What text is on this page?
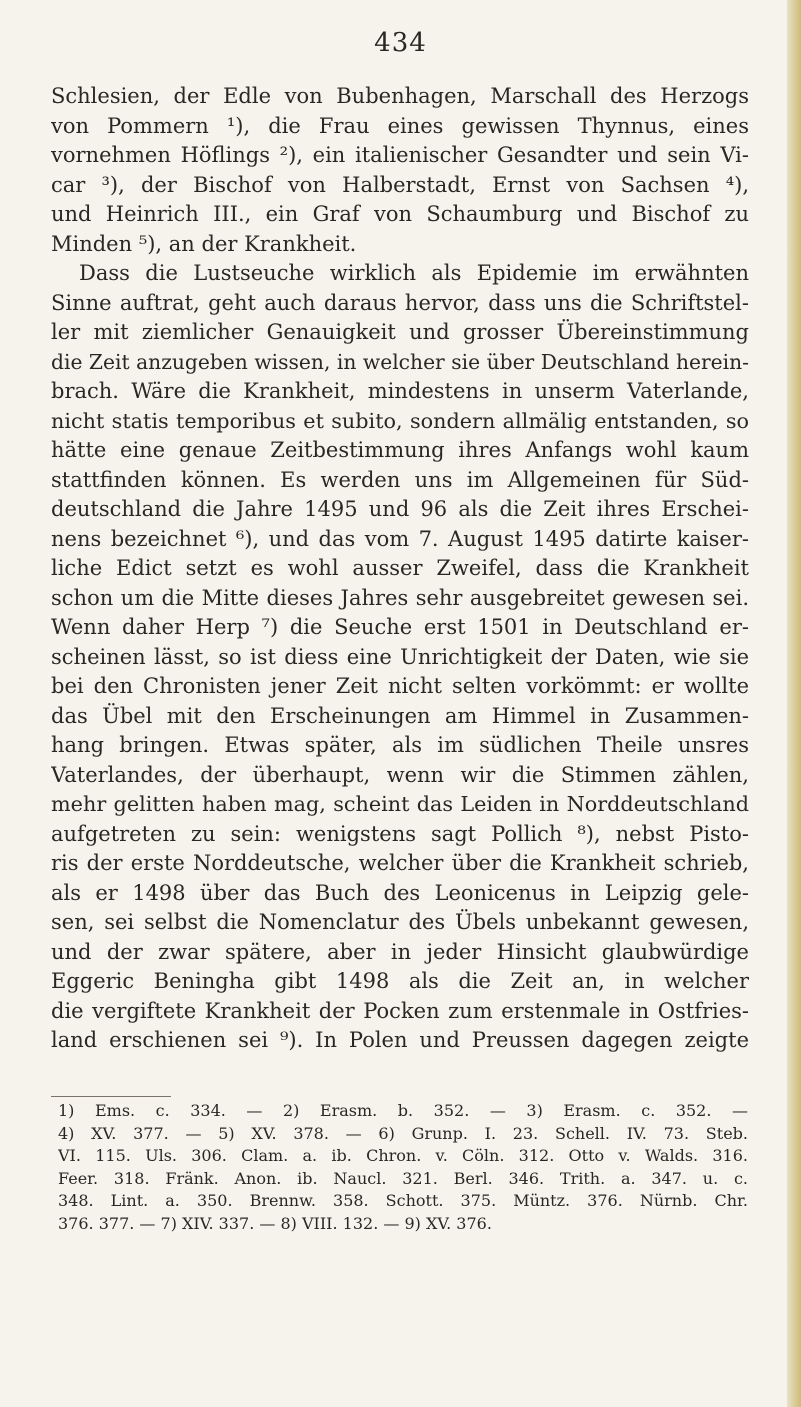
434
Schlesien, der Edle von Bubenhagen, Marschall des Herzogs
von Pommern ¹), die Frau eines gewissen Thynnus, eines
vornehmen Höflings ²), ein italienischer Gesandter und sein Vi-
car ³), der Bischof von Halberstadt, Ernst von Sachsen ⁴),
und Heinrich III., ein Graf von Schaumburg und Bischof zu
Minden ⁵), an der Krankheit.
Dass die Lustseuche wirklich als Epidemie im erwähnten
Sinne auftrat, geht auch daraus hervor, dass uns die Schriftstel-
ler mit ziemlicher Genauigkeit und grosser Übereinstimmung
die Zeit anzugeben wissen, in welcher sie über Deutschland herein-
brach. Wäre die Krankheit, mindestens in unserm Vaterlande,
nicht statis temporibus et subito, sondern allmälig entstanden, so
hätte eine genaue Zeitbestimmung ihres Anfangs wohl kaum
stattfinden können. Es werden uns im Allgemeinen für Süd-
deutschland die Jahre 1495 und 96 als die Zeit ihres Erschei-
nens bezeichnet ⁶), und das vom 7. August 1495 datirte kaiser-
liche Edict setzt es wohl ausser Zweifel, dass die Krankheit
schon um die Mitte dieses Jahres sehr ausgebreitet gewesen sei.
Wenn daher Herp ⁷) die Seuche erst 1501 in Deutschland er-
scheinen lässt, so ist diess eine Unrichtigkeit der Daten, wie sie
bei den Chronisten jener Zeit nicht selten vorkömmt: er wollte
das Übel mit den Erscheinungen am Himmel in Zusammen-
hang bringen. Etwas später, als im südlichen Theile unsres
Vaterlandes, der überhaupt, wenn wir die Stimmen zählen,
mehr gelitten haben mag, scheint das Leiden in Norddeutschland
aufgetreten zu sein: wenigstens sagt Pollich ⁸), nebst Pisto-
ris der erste Norddeutsche, welcher über die Krankheit schrieb,
als er 1498 über das Buch des Leonicenus in Leipzig gele-
sen, sei selbst die Nomenclatur des Übels unbekannt gewesen,
und der zwar spätere, aber in jeder Hinsicht glaubwürdige
Eggeric Beningha gibt 1498 als die Zeit an, in welcher
die vergiftete Krankheit der Pocken zum erstenmale in Ostfries-
land erschienen sei ⁹). In Polen und Preussen dagegen zeigte
1) Ems. c. 334. — 2) Erasm. b. 352. — 3) Erasm. c. 352. —
4) XV. 377. — 5) XV. 378. — 6) Grunp. I. 23. Schell. IV. 73. Steb.
VI. 115. Uls. 306. Clam. a. ib. Chron. v. Cöln. 312. Otto v. Walds. 316.
Feer. 318. Fränk. Anon. ib. Naucl. 321. Berl. 346. Trith. a. 347. u. c.
348. Lint. a. 350. Brennw. 358. Schott. 375. Müntz. 376. Nürnb. Chr.
376. 377. — 7) XIV. 337. — 8) VIII. 132. — 9) XV. 376.
